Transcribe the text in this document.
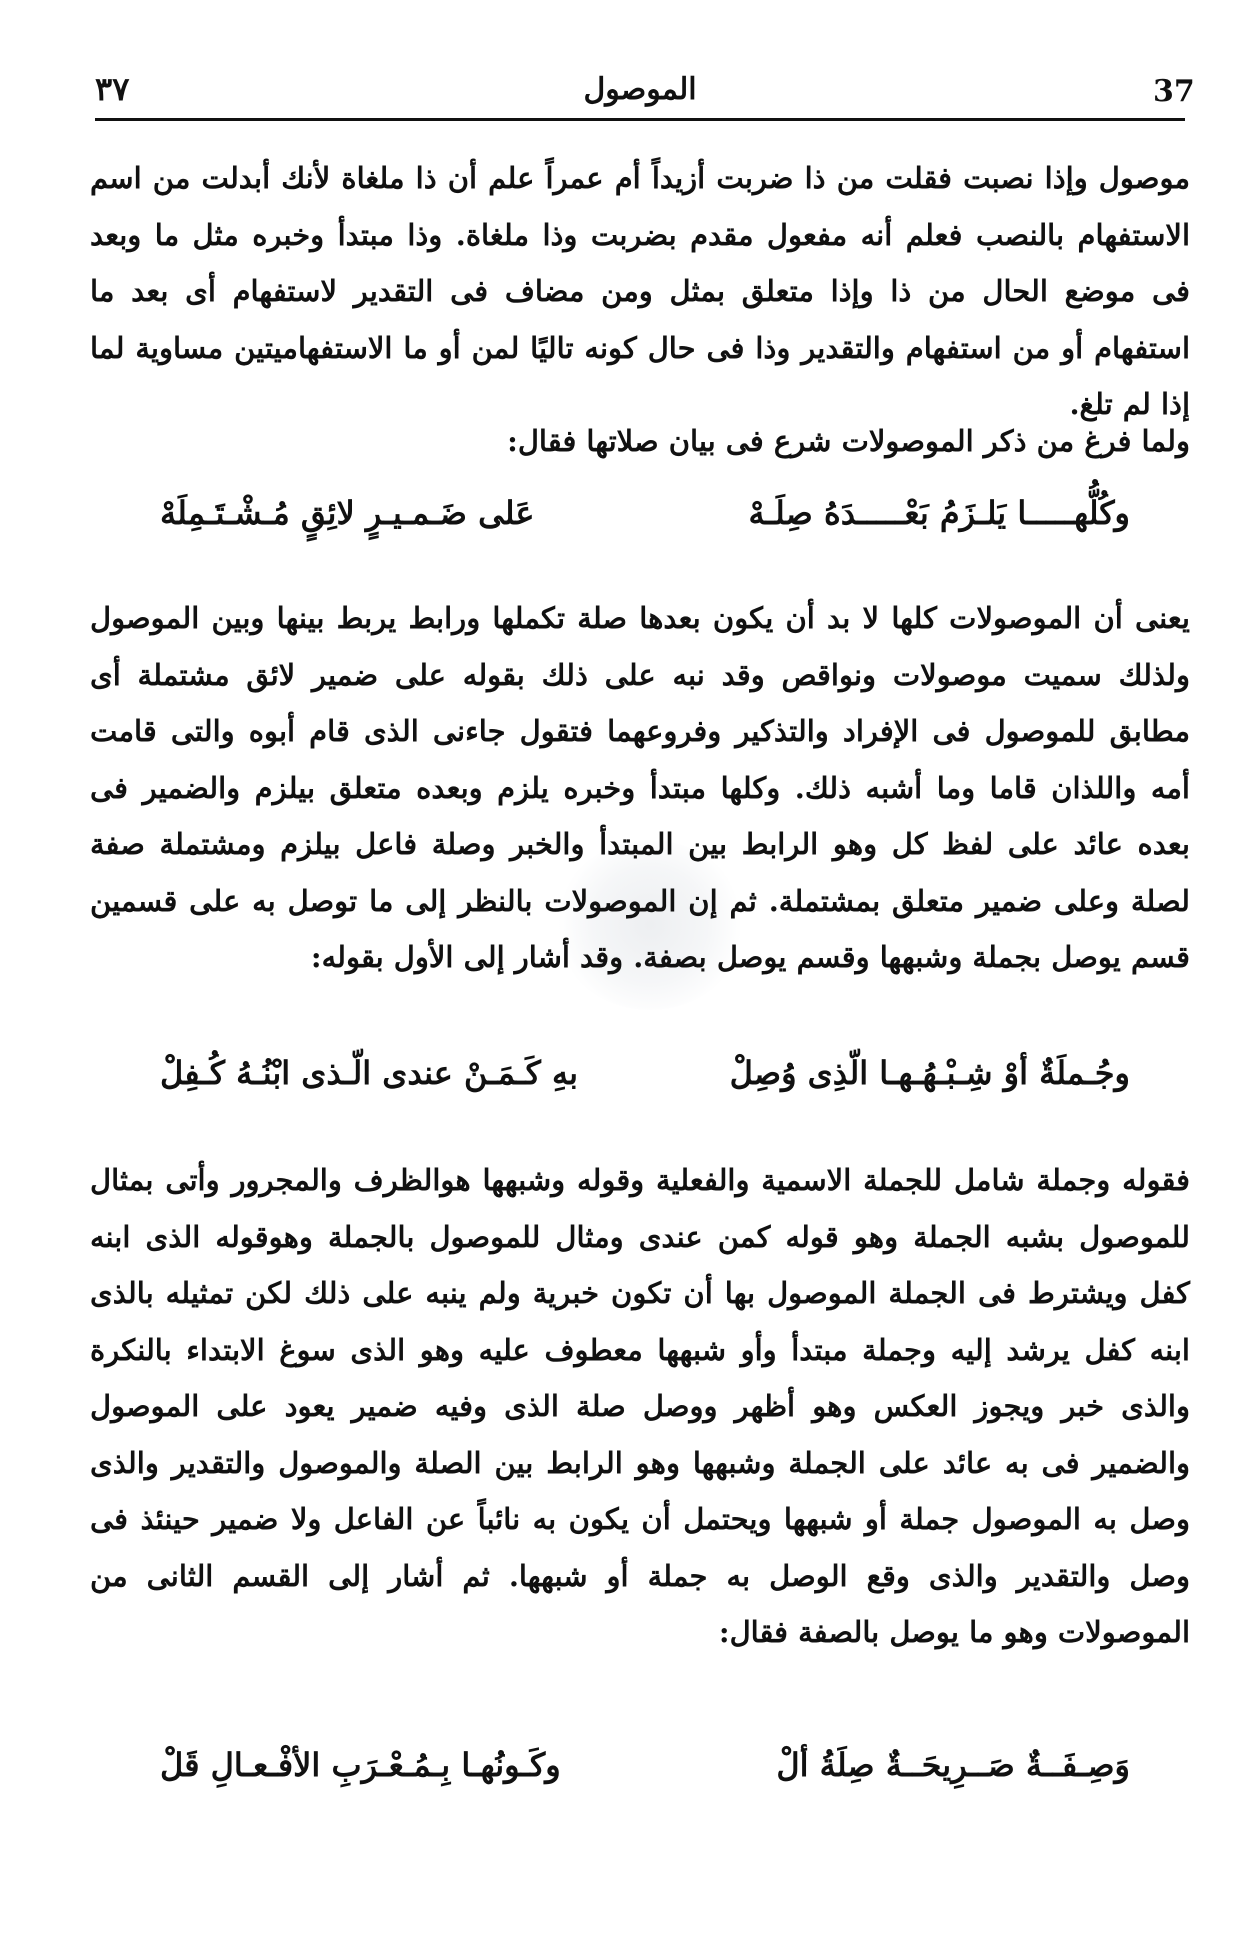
37
الموصول
٣٧
موصول وإذا نصبت فقلت من ذا ضربت أزيداً أم عمراً علم أن ذا ملغاة لأنك أبدلت من اسم الاستفهام بالنصب فعلم أنه مفعول مقدم بضربت وذا ملغاة. وذا مبتدأ وخبره مثل ما وبعد فى موضع الحال من ذا وإذا متعلق بمثل ومن مضاف فى التقدير لاستفهام أى بعد ما استفهام أو من استفهام والتقدير وذا فى حال كونه تاليًا لمن أو ما الاستفهاميتين مساوية لما إذا لم تلغ.
ولما فرغ من ذكر الموصولات شرع فى بيان صلاتها فقال:
وكُلُّهـــــا يَلـزَمُ بَعْـــــدَهُ صِلَـهْ
عَلى ضَـمـيـرٍ لائِقٍ مُـشْـتَـمِلَهْ
يعنى أن الموصولات كلها لا بد أن يكون بعدها صلة تكملها ورابط يربط بينها وبين الموصول ولذلك سميت موصولات ونواقص وقد نبه على ذلك بقوله على ضمير لائق مشتملة أى مطابق للموصول فى الإفراد والتذكير وفروعهما فتقول جاءنى الذى قام أبوه والتى قامت أمه واللذان قاما وما أشبه ذلك. وكلها مبتدأ وخبره يلزم وبعده متعلق بيلزم والضمير فى بعده عائد على لفظ كل وهو الرابط بين المبتدأ والخبر وصلة فاعل بيلزم ومشتملة صفة لصلة وعلى ضمير متعلق بمشتملة. ثم إن الموصولات بالنظر إلى ما توصل به على قسمين قسم يوصل بجملة وشبهها وقسم يوصل بصفة. وقد أشار إلى الأول بقوله:
وجُـملَةٌ أوْ شِـبْـهُـهـا الّذِى وُصِلْ
بهِ كَـمَـنْ عندى الّـذى ابْنُـهُ كُـفِلْ
فقوله وجملة شامل للجملة الاسمية والفعلية وقوله وشبهها هوالظرف والمجرور وأتى بمثال للموصول بشبه الجملة وهو قوله كمن عندى ومثال للموصول بالجملة وهوقوله الذى ابنه كفل ويشترط فى الجملة الموصول بها أن تكون خبرية ولم ينبه على ذلك لكن تمثيله بالذى ابنه كفل يرشد إليه وجملة مبتدأ وأو شبهها معطوف عليه وهو الذى سوغ الابتداء بالنكرة والذى خبر ويجوز العكس وهو أظهر ووصل صلة الذى وفيه ضمير يعود على الموصول والضمير فى به عائد على الجملة وشبهها وهو الرابط بين الصلة والموصول والتقدير والذى وصل به الموصول جملة أو شبهها ويحتمل أن يكون به نائباً عن الفاعل ولا ضمير حينئذ فى وصل والتقدير والذى وقع الوصل به جملة أو شبهها. ثم أشار إلى القسم الثانى من الموصولات وهو ما يوصل بالصفة فقال:
وَصِـفَــةٌ صَــرِيحَــةٌ صِلَةُ ألْ
وكَـونُهـا بِـمُـعْـرَبِ الأفْـعـالِ قَلْ
